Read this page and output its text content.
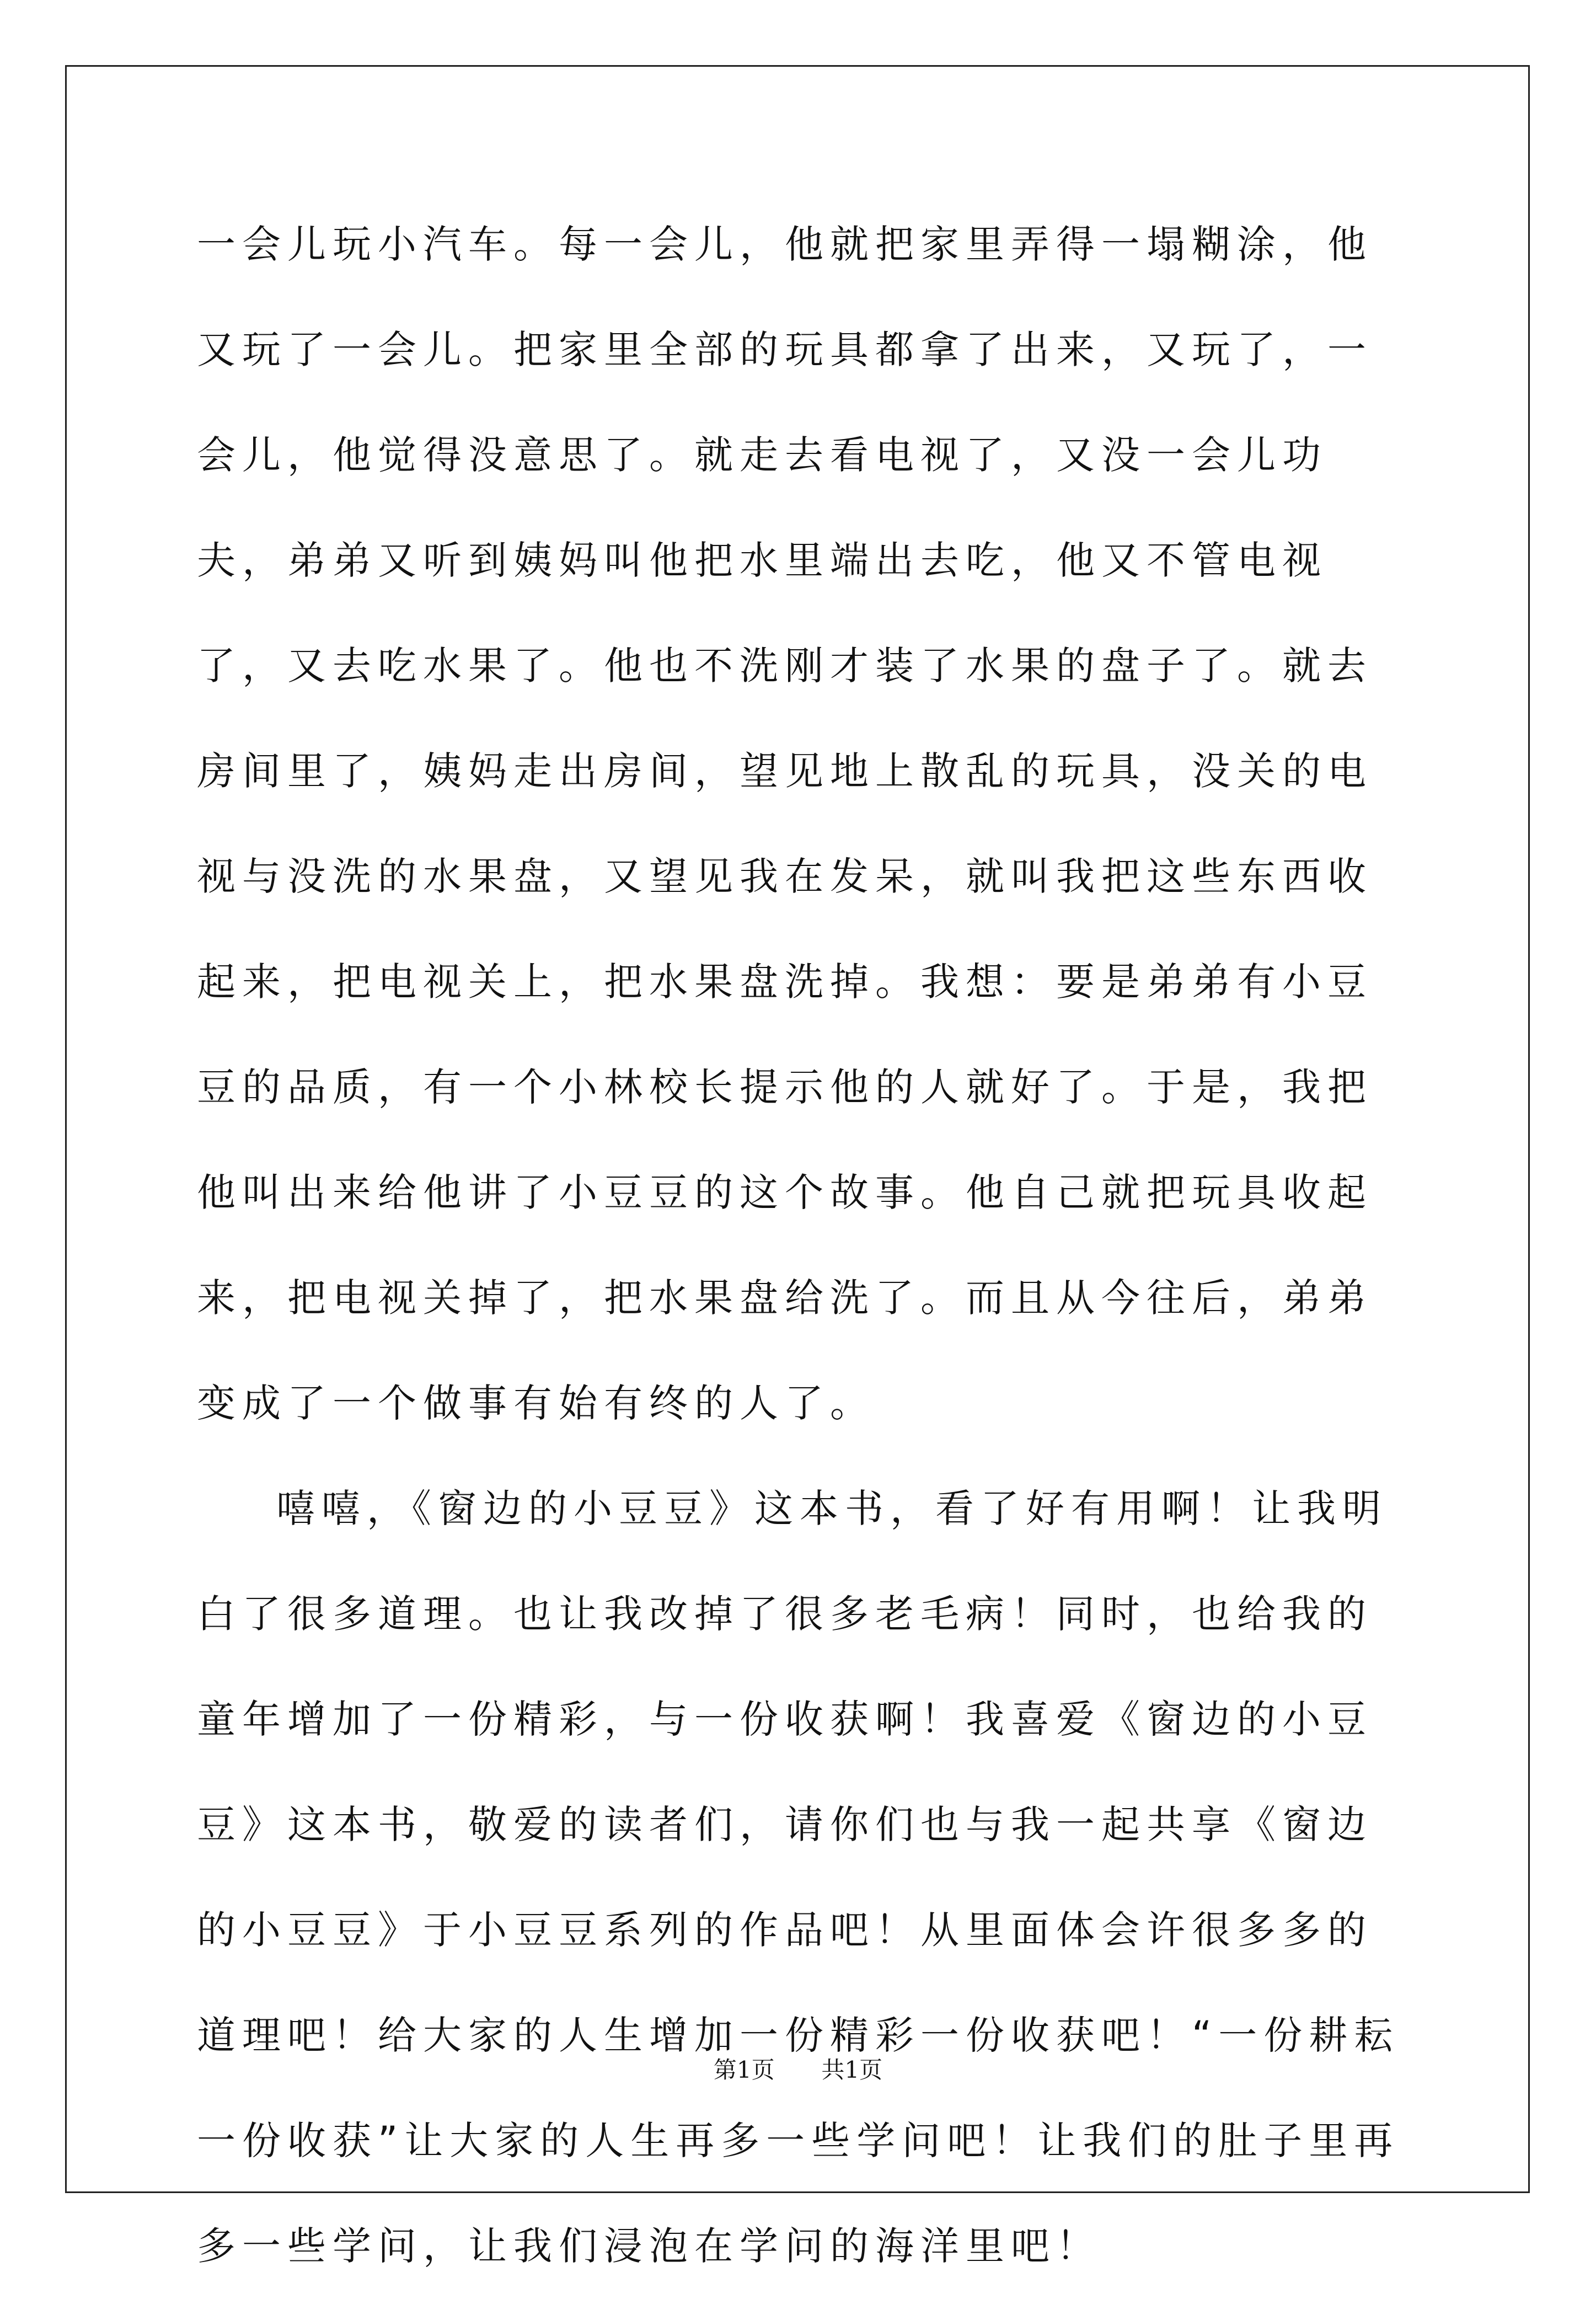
一会儿玩小汽车。每一会儿，他就把家里弄得一塌糊涂，他又玩了一会儿。把家里全部的玩具都拿了出来，又玩了，一会儿，他觉得没意思了。就走去看电视了，又没一会儿功夫，弟弟又听到姨妈叫他把水里端出去吃，他又不管电视了，又去吃水果了。他也不洗刚才装了水果的盘子了。就去房间里了，姨妈走出房间，望见地上散乱的玩具，没关的电视与没洗的水果盘，又望见我在发呆，就叫我把这些东西收起来，把电视关上，把水果盘洗掉。我想：要是弟弟有小豆豆的品质，有一个小林校长提示他的人就好了。于是，我把他叫出来给他讲了小豆豆的这个故事。他自己就把玩具收起来，把电视关掉了，把水果盘给洗了。而且从今往后，弟弟变成了一个做事有始有终的人了。

嘻嘻，《窗边的小豆豆》这本书，看了好有用啊！让我明白了很多道理。也让我改掉了很多老毛病！同时，也给我的童年增加了一份精彩，与一份收获啊！我喜爱《窗边的小豆豆》这本书，敬爱的读者们，请你们也与我一起共享《窗边的小豆豆》于小豆豆系列的作品吧！从里面体会许很多多的道理吧！给大家的人生增加一份精彩一份收获吧！“一份耕耘一份收获”让大家的人生再多一些学问吧！让我们的肚子里再多一些学问，让我们浸泡在学问的海洋里吧！

第1页 共1页
